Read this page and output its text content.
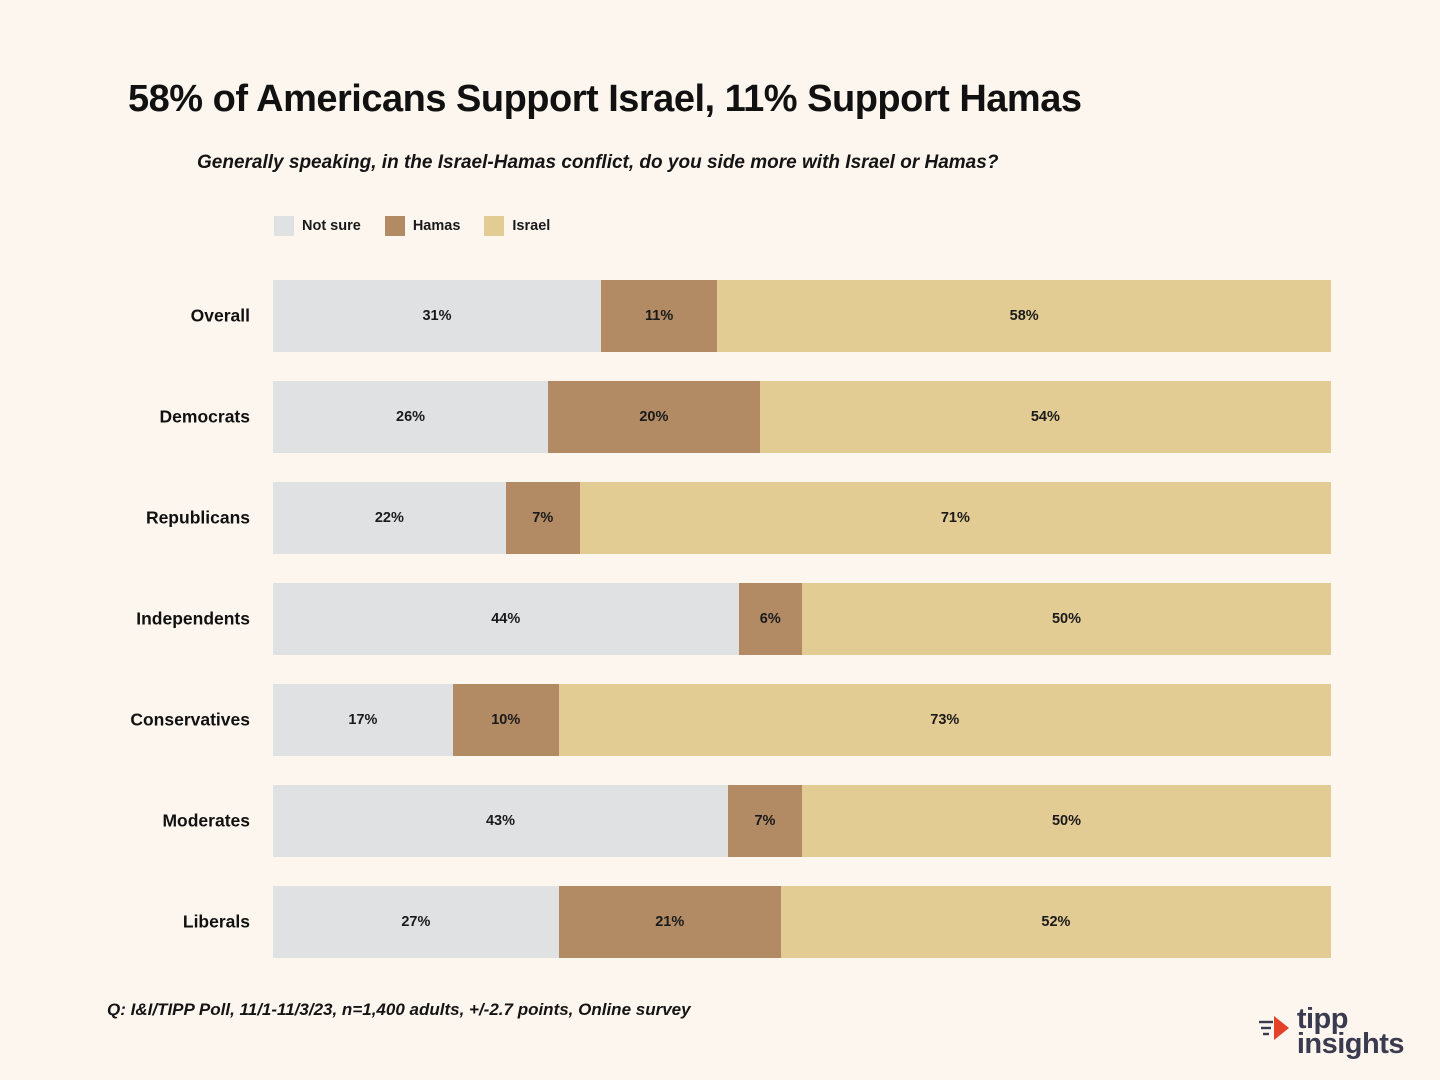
58% of Americans Support Israel, 11% Support Hamas
Generally speaking, in the Israel-Hamas conflict, do you side more with Israel or Hamas?
Not sure	Hamas	Israel
Overall	31%	11%	58%
Democrats	26%	20%	54%
Republicans	22%	7%	71%
Independents	44%	6%	50%
Conservatives	17%	10%	73%
Moderates	43%	7%	50%
Liberals	27%	21%	52%
Q: I&I/TIPP Poll, 11/1-11/3/23, n=1,400 adults, +/-2.7 points, Online survey	tipp
insights
